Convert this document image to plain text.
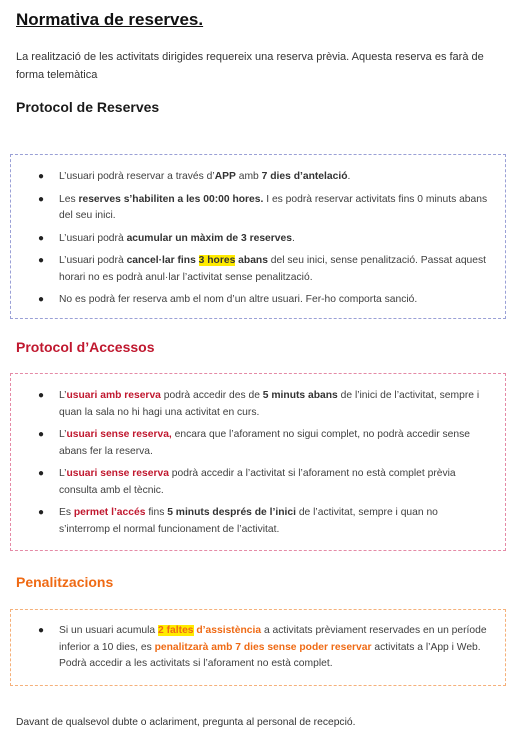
Normativa de reserves.
La realització de les activitats dirigides requereix una reserva prèvia. Aquesta reserva es farà de forma telemàtica
Protocol de Reserves
● L’usuari podrà reservar a través d’APP amb 7 dies d’antelació.
● Les reserves s’habiliten a les 00:00 hores. I es podrà reservar activitats fins 0 minuts abans del seu inici.
● L’usuari podrà acumular un màxim de 3 reserves.
● L’usuari podrà cancel·lar fins 3 hores abans del seu inici, sense penalització. Passat aquest horari no es podrà anul·lar l’activitat sense penalització.
● No es podrà fer reserva amb el nom d’un altre usuari. Fer-ho comporta sanció.
Protocol d’Accessos
● L’usuari amb reserva podrà accedir des de 5 minuts abans de l’inici de l’activitat, sempre i quan la sala no hi hagi una activitat en curs.
● L’usuari sense reserva, encara que l’aforament no sigui complet, no podrà accedir sense abans fer la reserva.
● L’usuari sense reserva podrà accedir a l’activitat si l’aforament no està complet prèvia consulta amb el tècnic.
● Es permet l’accés fins 5 minuts després de l’inici de l’activitat, sempre i quan no s’interromp el normal funcionament de l’activitat.
Penalitzacions
● Si un usuari acumula 2 faltes d’assistència a activitats prèviament reservades en un període inferior a 10 dies, es penalitzarà amb 7 dies sense poder reservar activitats a l’App i Web. Podrà accedir a les activitats si l’aforament no està complet.
Davant de qualsevol dubte o aclariment, pregunta al personal de recepció.
